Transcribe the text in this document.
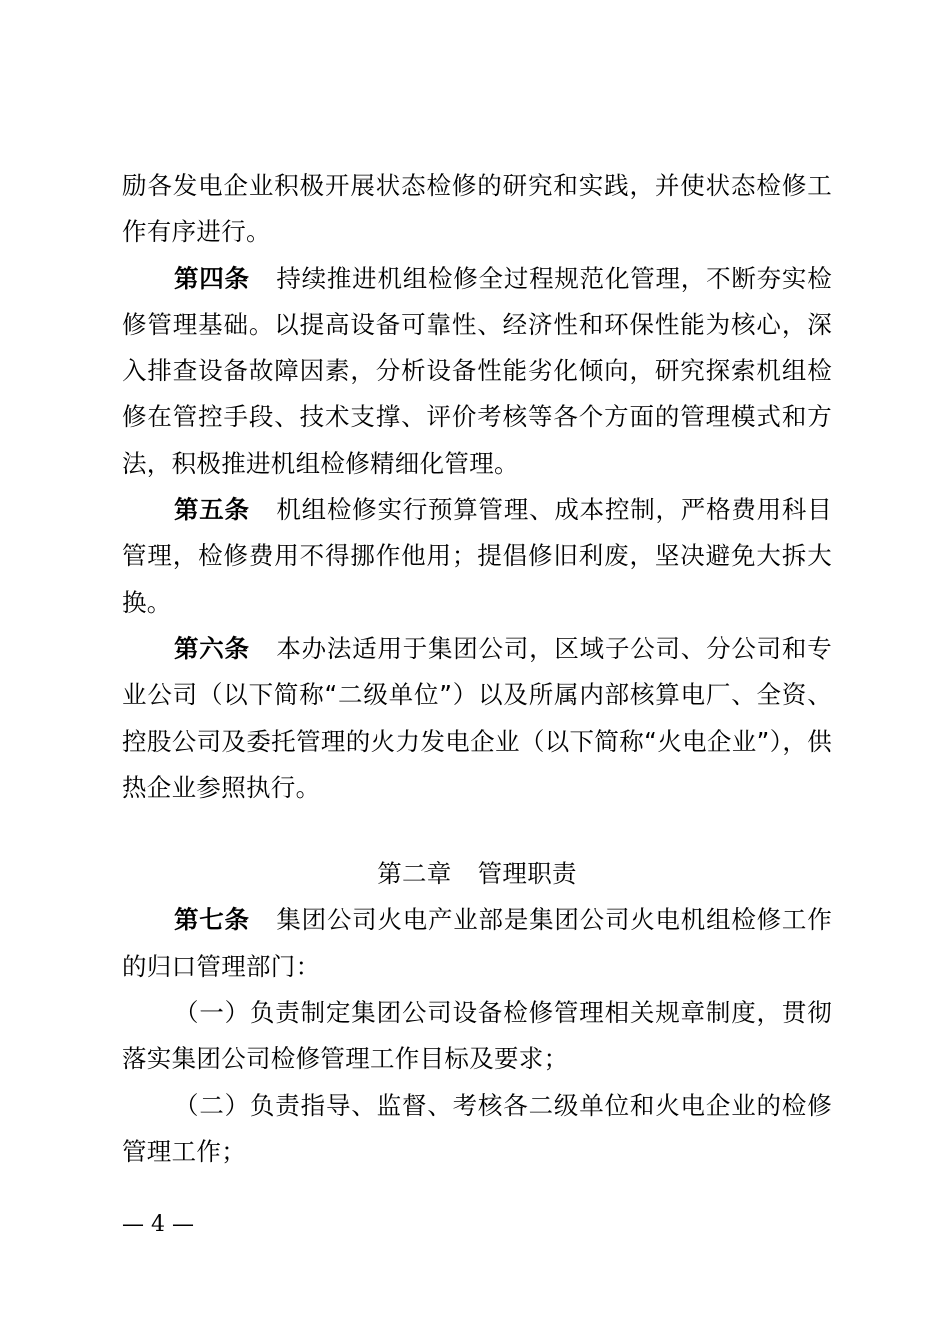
励各发电企业积极开展状态检修的研究和实践，并使状态检修工作有序进行。

第四条 持续推进机组检修全过程规范化管理，不断夯实检修管理基础。以提高设备可靠性、经济性和环保性能为核心，深入排查设备故障因素，分析设备性能劣化倾向，研究探索机组检修在管控手段、技术支撑、评价考核等各个方面的管理模式和方法，积极推进机组检修精细化管理。

第五条 机组检修实行预算管理、成本控制，严格费用科目管理，检修费用不得挪作他用；提倡修旧利废，坚决避免大拆大换。

第六条 本办法适用于集团公司，区域子公司、分公司和专业公司（以下简称“二级单位”）以及所属内部核算电厂、全资、控股公司及委托管理的火力发电企业（以下简称“火电企业”），供热企业参照执行。

第二章 管理职责

第七条 集团公司火电产业部是集团公司火电机组检修工作的归口管理部门：

（一）负责制定集团公司设备检修管理相关规章制度，贯彻落实集团公司检修管理工作目标及要求；

（二）负责指导、监督、考核各二级单位和火电企业的检修管理工作；

— 4 —
